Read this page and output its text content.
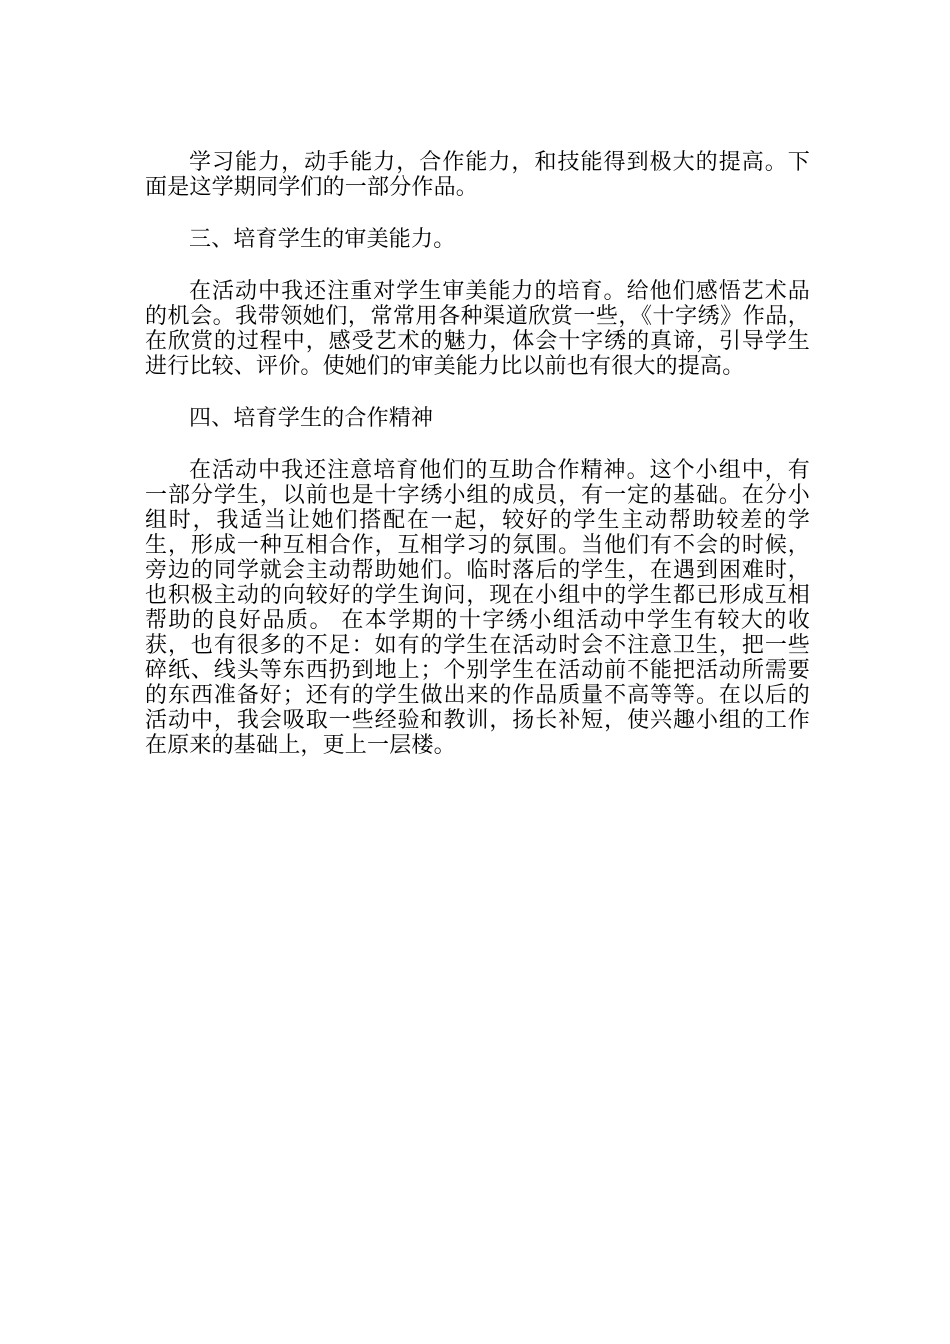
学习能力，动手能力，合作能力，和技能得到极大的提高。下面是这学期同学们的一部分作品。

三、培育学生的审美能力。

在活动中我还注重对学生审美能力的培育。给他们感悟艺术品的机会。我带领她们，常常用各种渠道欣赏一些，《十字绣》作品，在欣赏的过程中，感受艺术的魅力，体会十字绣的真谛，引导学生进行比较、评价。使她们的审美能力比以前也有很大的提高。

四、培育学生的合作精神

在活动中我还注意培育他们的互助合作精神。这个小组中，有一部分学生，以前也是十字绣小组的成员，有一定的基础。在分小组时，我适当让她们搭配在一起，较好的学生主动帮助较差的学生，形成一种互相合作，互相学习的氛围。当他们有不会的时候，旁边的同学就会主动帮助她们。临时落后的学生，在遇到困难时，也积极主动的向较好的学生询问，现在小组中的学生都已形成互相帮助的良好品质。 在本学期的十字绣小组活动中学生有较大的收获，也有很多的不足：如有的学生在活动时会不注意卫生，把一些碎纸、线头等东西扔到地上；个别学生在活动前不能把活动所需要的东西准备好；还有的学生做出来的作品质量不高等等。在以后的活动中，我会吸取一些经验和教训，扬长补短，使兴趣小组的工作在原来的基础上，更上一层楼。
